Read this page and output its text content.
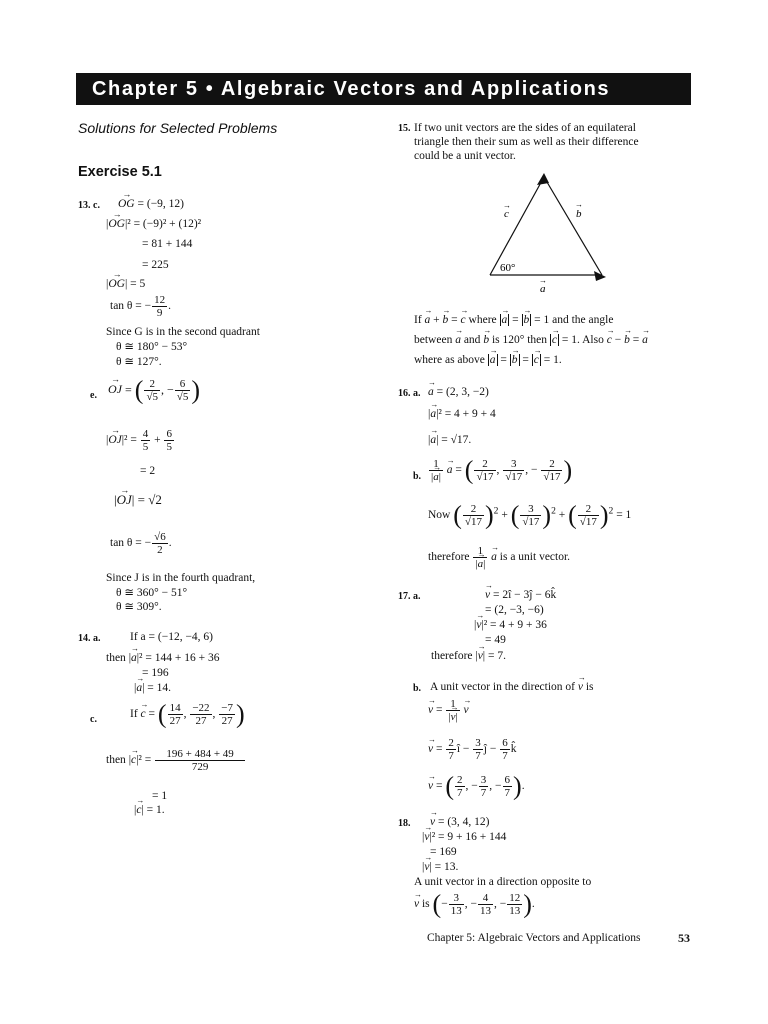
Chapter 5 • Algebraic Vectors and Applications
Solutions for Selected Problems
Exercise 5.1
13. c.
→ OG = (−9, 12)
|→ OG|² = (−9)² + (12)²
= 81 + 144
= 225
|→ OG| = 5
tan θ = − $\frac{12}{9}$ .
Since G is in the second quadrant
θ ≅ 180° − 53°
θ ≅ 127°.
e.
→ OJ = ( $\frac{2}{√5}$ , − $\frac{6}{√5}$ )
|→ $OJ|^2 = \frac{4}{5} + \frac{6}{5}$
= 2
|→ OJ| = √2
tan θ = − $\frac{√6}{2}$ .
Since J is in the fourth quadrant,
θ ≅ 360° − 51°
θ ≅ 309°.
14. a.	If a = (−12, −4, 6)
then |→ a|² = 144 + 16 + 36
= 196
|→ a| = 14.
c.	If → c = ( $\frac{14}{27}$ , $\frac{-22}{27}$ , $\frac{-7}{27}$ )
then |→ $c|^2 = \frac{196 + 484 + 49}{729}$
= 1
|→ c| = 1.
15. If two unit vectors are the sides of an equilateral
triangle then their sum as well as their difference
could be a unit vector.
c
→
b
→
a
→
60°
If → a + → b = → c where → a = → b = 1 and the angle
between → a and → b is 120° then → c = 1. Also → c − → b = → a
where as above → a = → b = → c = 1.
16. a.
→ a = (2, 3, −2)
|→ a|² = 4 + 9 + 4
|→ a| = √17.
b. $\frac{1}{|\to a|}$
→ a = ( $\frac{2}{√17}$ , $\frac{3}{√17}$ , − $\frac{2}{√17}$ )
Now ( $\frac{2}{√17} )^2$ + ( $\frac{3}{√17} )^2$ + ( $\frac{2}{√17} )^2 = 1$
therefore $\frac{1}{|\to a|}$
→ a is a unit vector.
17. a.
→	v = 2î − 3ĵ − 6k̂
= (2, −3, −6)
|→ v|² = 4 + 9 + 36
= 49
therefore |→ v| = 7.
b. A unit vector in the direction of → v is
→ $v = \frac{1}{|\to v|}$
→ v
→ $v = \frac{2}{7}$ î − $\frac{3}{7}$ ĵ − $\frac{6}{7}$ k̂
→ v = ( $\frac{2}{7}$ , − $\frac{3}{7}$ , − $\frac{6}{7}$ ).
18.
→ v = (3, 4, 12)
|→ v|² = 9 + 16 + 144
= 169
|→ v| = 13.
A unit vector in a direction opposite to
→ v is (− $\frac{3}{13}$ , − $\frac{4}{13}$ , − $\frac{12}{13}$ ).
Chapter 5: Algebraic Vectors and Applications	53
